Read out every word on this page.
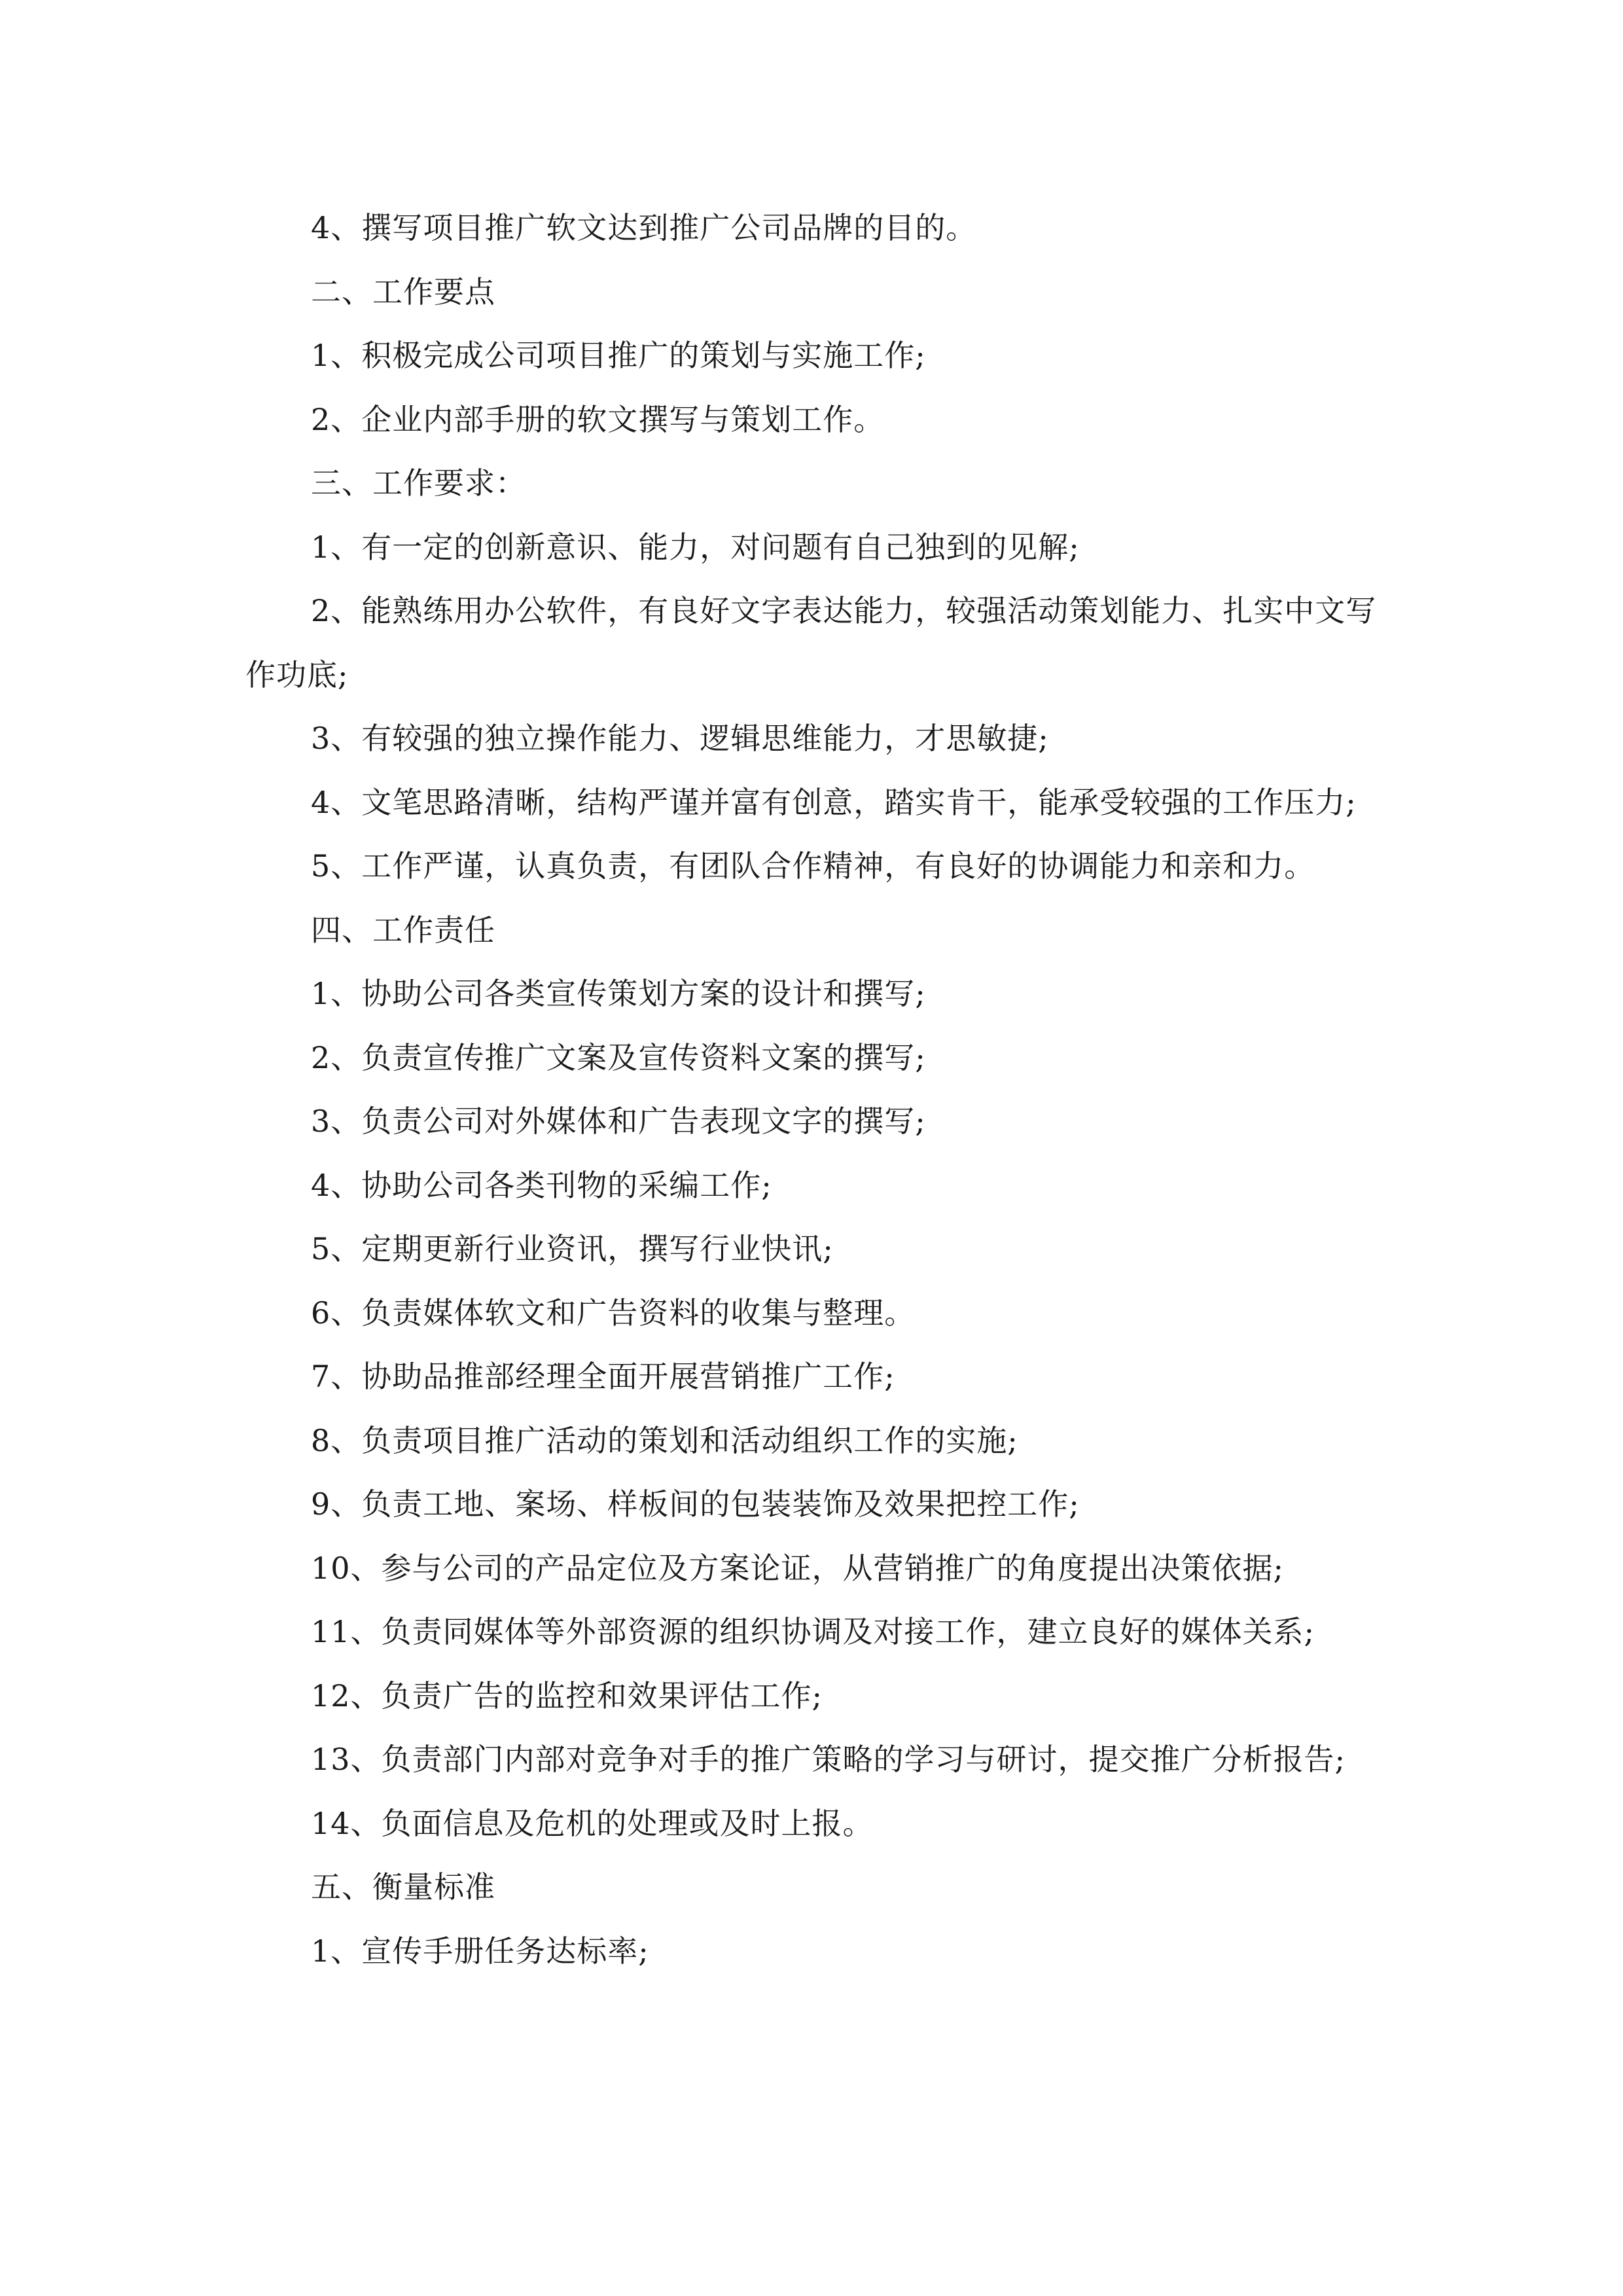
4、撰写项目推广软文达到推广公司品牌的目的。

二、工作要点

1、积极完成公司项目推广的策划与实施工作;

2、企业内部手册的软文撰写与策划工作。

三、工作要求：

1、有一定的创新意识、能力，对问题有自己独到的见解;

2、能熟练用办公软件，有良好文字表达能力，较强活动策划能力、扎实中文写作功底;

3、有较强的独立操作能力、逻辑思维能力，才思敏捷;

4、文笔思路清晰，结构严谨并富有创意，踏实肯干，能承受较强的工作压力;

5、工作严谨，认真负责，有团队合作精神，有良好的协调能力和亲和力。

四、工作责任

1、协助公司各类宣传策划方案的设计和撰写;

2、负责宣传推广文案及宣传资料文案的撰写;

3、负责公司对外媒体和广告表现文字的撰写;

4、协助公司各类刊物的采编工作;

5、定期更新行业资讯，撰写行业快讯;

6、负责媒体软文和广告资料的收集与整理。

7、协助品推部经理全面开展营销推广工作;

8、负责项目推广活动的策划和活动组织工作的实施;

9、负责工地、案场、样板间的包装装饰及效果把控工作;

10、参与公司的产品定位及方案论证，从营销推广的角度提出决策依据;

11、负责同媒体等外部资源的组织协调及对接工作，建立良好的媒体关系;

12、负责广告的监控和效果评估工作;

13、负责部门内部对竞争对手的推广策略的学习与研讨，提交推广分析报告;

14、负面信息及危机的处理或及时上报。

五、衡量标准

1、宣传手册任务达标率;
